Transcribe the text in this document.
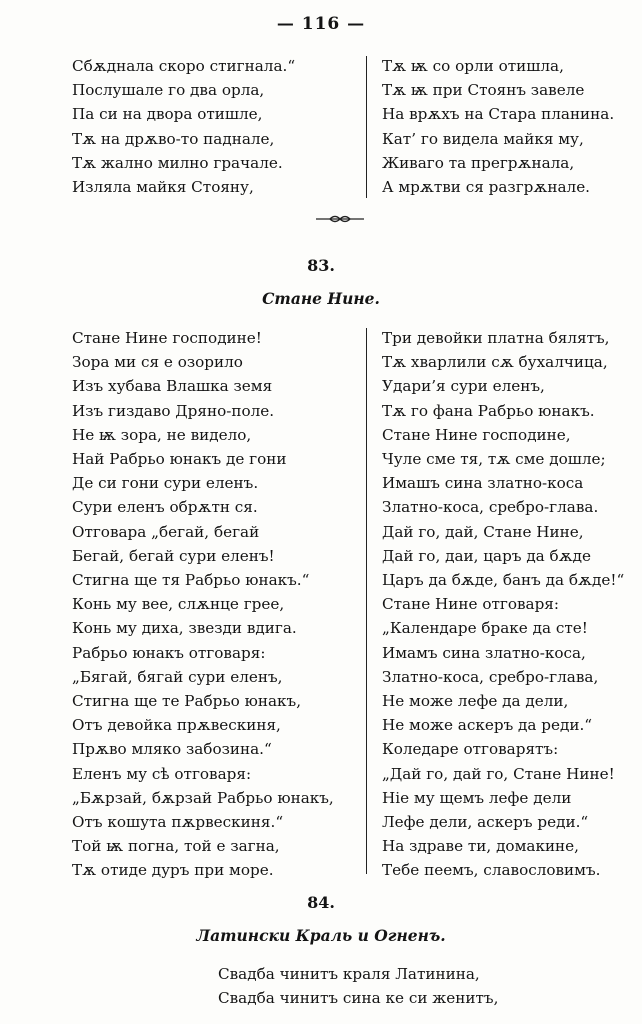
— 116 —
Сбѫднала скоро стигнала.“
Послушале го два орла,
Па си на двора отишле,
Тѫ на дрѫво-то паднале,
Тѫ жално милно грачале.
Изляла майкя Стояну,
Тѫ ѭ со орли отишла,
Тѫ ѭ при Стоянъ завеле
На врѫхъ на Стара планина.
Кат’ го видела майкя му,
Живаго та прегрѫнала,
А мрѫтви ся разгрѫнале.
83.
Стане Нине.
Стане Нине господине!
Зора ми ся е озорило
Изъ хубава Влашка земя
Изъ гиздаво Дряно-поле.
Не ѭ зора, не видело,
Най Рабрьо юнакъ де гони
Де си гони сури еленъ.
Сури еленъ обрѫтн ся.
Отговара „бегай, бегай
Бегай, бегай сури еленъ!
Стигна ще тя Рабрьо юнакъ.“
Конь му вее, слѫнце грее,
Конь му диха, звезди вдига.
Рабрьо юнакъ отговаря:
„Бягай, бягай сури еленъ,
Стигна ще те Рабрьо юнакъ,
Отъ девойка прѫвескиня,
Прѫво мляко забозина.“
Еленъ му сѣ отговаря:
„Бѫрзай, бѫрзай Рабрьо юнакъ,
Отъ кошута пѫрвескиня.“
Той ѭ погна, той е загна,
Тѫ отиде дуръ при море.
Три девойки платна бялятъ,
Тѫ хварлили сѫ бухалчица,
Удари’я сури еленъ,
Тѫ го фана Рабрьо юнакъ.
Стане Нине господине,
Чуле сме тя, тѫ сме дошле;
Имашъ сина златно-коса
Златно-коса, сребро-глава.
Дай го, дай, Стане Нине,
Дай го, даи, царъ да бѫде
Царъ да бѫде, банъ да бѫде!“
Стане Нине отговаря:
„Календаре браке да сте!
Имамъ сина златно-коса,
Златно-коса, сребро-глава,
Не може лефе да дели,
Не може аскеръ да реди.“
Коледаре отговарятъ:
„Дай го, дай го, Стане Нине!
Ніе му щемъ лефе дели
Лефе дели, аскеръ реди.“
На здраве ти, домакине,
Тебе пеемъ, славословимъ.
84.
Латински Краль и Огненъ.
Свадба чинитъ краля Латинина,
Свадба чинитъ сина ке си женитъ,
